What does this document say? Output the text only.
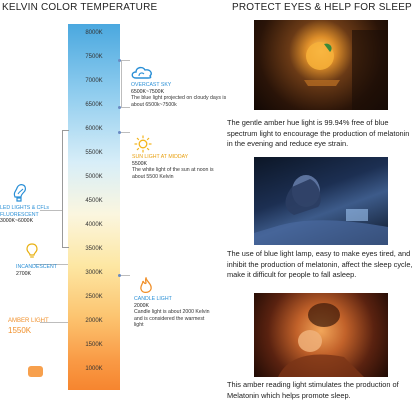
KELVIN COLOR TEMPERATURE	PROTECT EYES & HELP FOR SLEEP
8000K
7500K
7000K
6500K
6000K
5500K
5000K
4500K
4000K
3500K
3000K
2500K
2000K
1500K
1000K
OVERCAST SKY
6500K~7500K
The blue light projected on cloudy days is about 6500k~7500k
SUN LIGHT AT MIDDAY
5500K
The white light of the sun at noon is about 5500 Kelvin
LED LIGHTS & CFLs FLUORESCENT
3000K~6000K
INCANDESCENT
2700K
CANDLE LIGHT
2000K
Candle light is about 2000 Kelvin and is considered the warmest light
AMBER LIGHT
1550K
The gentle amber hue light is 99.94% free of blue spectrum light to encourage the production of melatonin in the evening and reduce eye strain.
The use of blue light lamp, easy to make eyes tired, and inhibit the production of melatonin, affect the sleep cycle, make it difficult for people to fall asleep.
This amber reading light stimulates the production of Melatonin which helps promote sleep.
